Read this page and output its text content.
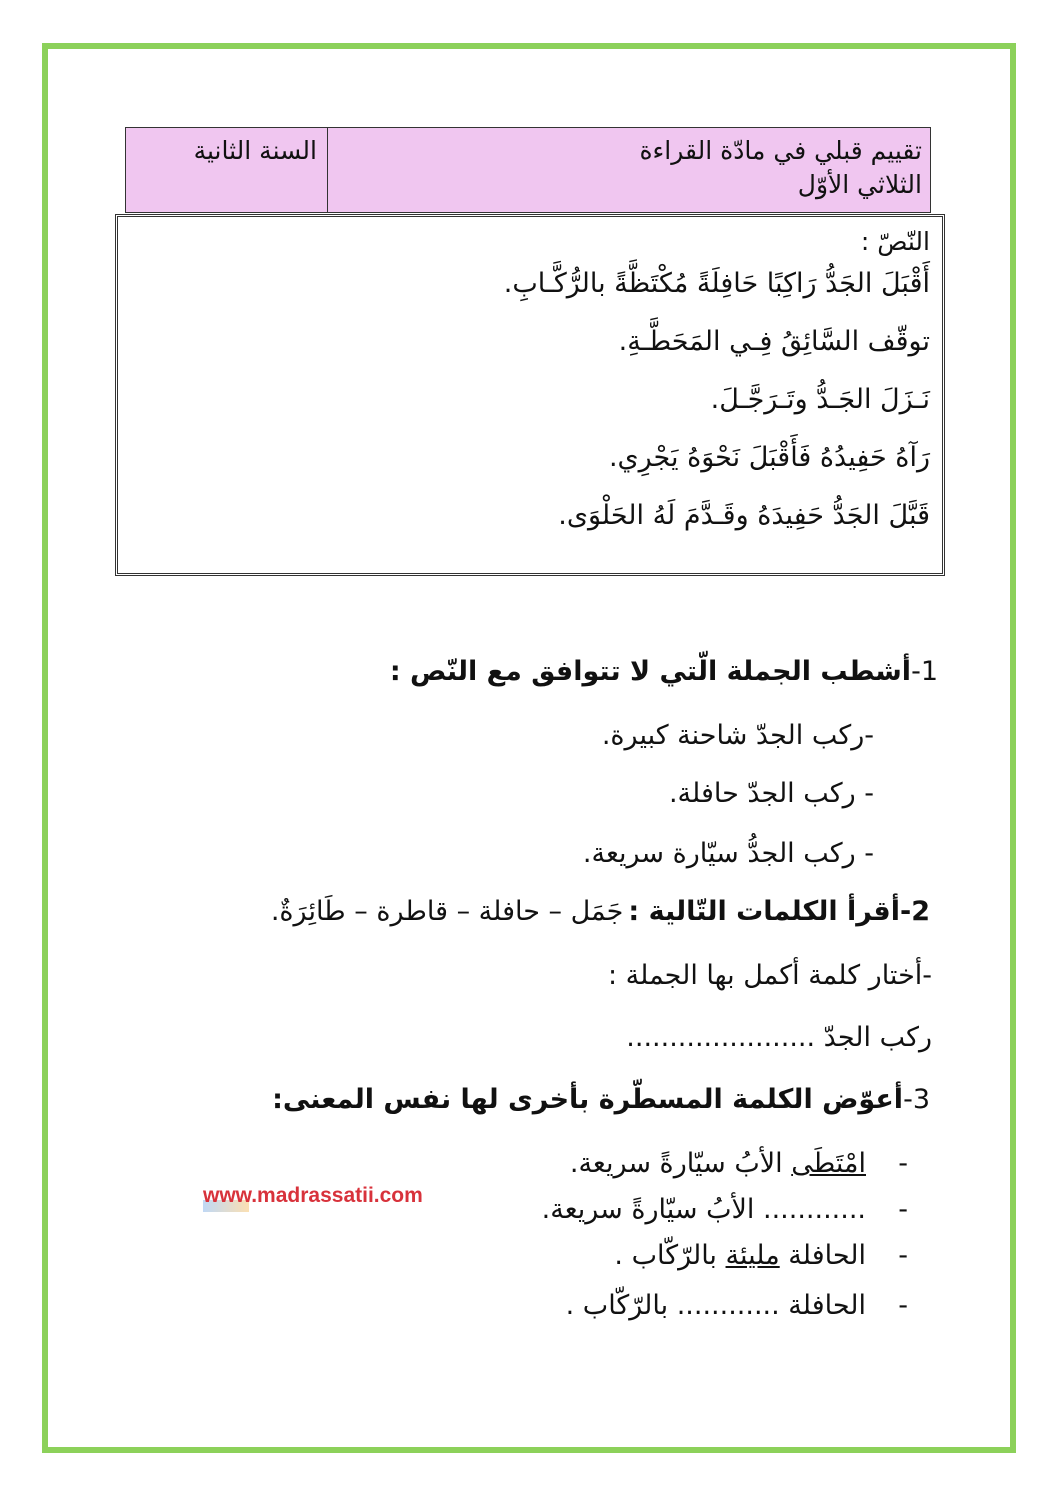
تقييم قبلي في مادّة القراءة
الثلاثي الأوّل
السنة الثانية
النّصّ :
أَقْبَلَ الجَدُّ رَاكِبًا حَافِلَةً مُكْتَظَّةً بالرُّكَّـابِ.
توقّف السَّائِقُ فِـي المَحَطَّـةِ.
نَـزَلَ الجَـدُّ وتَـرَجَّـلَ.
رَآهُ حَفِيدُهُ فَأَقْبَلَ نَحْوَهُ يَجْرِي.
قَبَّلَ الجَدُّ حَفِيدَهُ وقَـدَّمَ لَهُ الحَلْوَى.
1-أشطب الجملة الّتي لا تتوافق مع النّص :
-ركب الجدّ شاحنة كبيرة.
- ركب الجدّ حافلة.
- ركب الجدُّ سيّارة سريعة.
2-أقرأ الكلمات التّالية : جَمَل – حافلة – قاطرة – طَائِرَةٌ.
-أختار كلمة أكمل بها الجملة :
ركب الجدّ ......................
3-أعوّض الكلمة المسطّرة بأخرى لها نفس المعنى:
-
امْتَطَى الأبُ سيّارةً سريعة.
-
............ الأبُ سيّارةً سريعة.
-
الحافلة مليئة بالرّكّاب .
-
الحافلة ............ بالرّكّاب .
www.madrassatii.com
